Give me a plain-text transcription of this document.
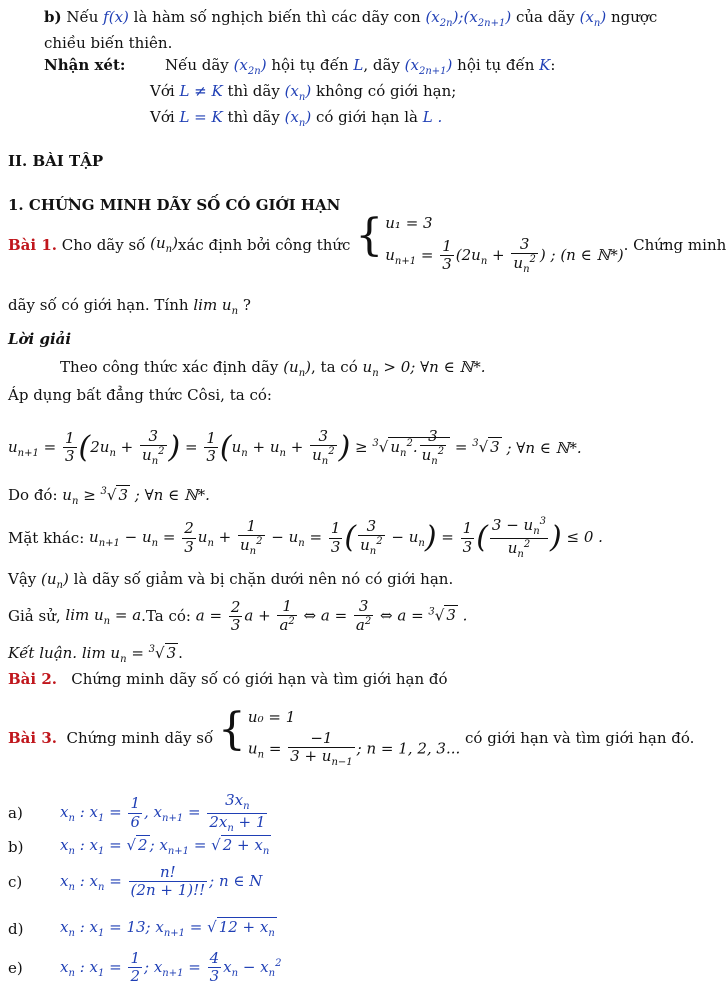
b) Nếu f(x) là hàm số nghịch biến thì các dãy con $(x_{2n});(x_{2n+1})$ của dãy $(x_n)$ ngược
chiều biến thiên.
Nhận xét:	Nếu dãy $(x_{2n})$ hội tụ đến L, dãy $(x_{2n+1})$ hội tụ đến K:
Với L ≠ K thì dãy $(x_n)$ không có giới hạn;
Với L = K thì dãy $(x_n)$ có giới hạn là L .
II. BÀI TẬP
1. CHỨNG MINH DÃY SỐ CÓ GIỚI HẠN
Bài 1.
Cho dãy số
$(u_n)$ xác định bởi công thức
{ u₁ = 3
$u_{n+1} = \frac{1}{3} (2u_n + \frac{3}{u_n^2}$ ) ; (n ∈ ℕ*)
. Chứng minh
dãy số có giới hạn. Tính $\lim u_n$ ?
Lời giải
Theo công thức xác định dãy $(u_n)$, ta có $u_n > 0$; ∀n ∈ ℕ*.
Áp dụng bất đẳng thức Côsi, ta có:
$u_{n+1} = \frac{1}{3} (2u_n + \frac{3}{u_n^2}$ ) = $\frac{1}{3} (u_n + u_n + \frac{3}{u_n^2}$ ) ≥ $^3$√ $u_n^2$. $\frac{3}{u_n^2} = ^3√$ 3
; ∀n ∈ ℕ*.
Do đó: $u_n \ge ^3√$ 3 ; ∀n ∈ ℕ*.
Mặt khác:
$u_{n+1} - u_n = \frac{2}{3} u_n + \frac{1}{u_n^2} - u_n = \frac{1}{3}$ ( $\frac{3}{u_n^2} - u_n) = \frac{1}{3}$ ( $\frac{3 - u_n^3}{u_n^2}$ ) ≤ 0 .
Vậy $(u_n)$ là dãy số giảm và bị chặn dưới nên nó có giới hạn.
Giả sử,
$\lim u_n = a$ .Ta có:
$a = \frac{2}{3}$ $a + \frac{1}{a^2}$ ⇔ $a = \frac{3}{a^2}$ ⇔ a = $^3$√ 3 .
Kết luận. $\lim u_n = ^3√$ 3 .
Bài 2. Chứng minh dãy số có giới hạn và tìm giới hạn đó
Bài 3.
Chứng minh dãy số
{ u₀ = 1
$u_n = \frac{-1}{3 + u_{n-1}}$ ; n = 1, 2, 3...

có giới hạn và tìm giới hạn đó.
a)	$x_n$ : $x_1 = \frac{1}{6}$ , $x_{n+1} = \frac{3x_n}{2x_n + 1}$
b)	$x_n$ : $x_1$ = √ 2 ; $x_{n+1}$ = √ $2 + x_n$
c)	$x_n$ : $x_n = \frac{n!}{(2n + 1)!!}$ ; n ∈ N
d)	$x_n$ : $x_1 = 13$; $x_{n+1}$ = √ $12 + x_n$
e)	$x_n$ : $x_1 = \frac{1}{2}$ ; $x_{n+1} = \frac{4}{3} x_n - x_n^2$
